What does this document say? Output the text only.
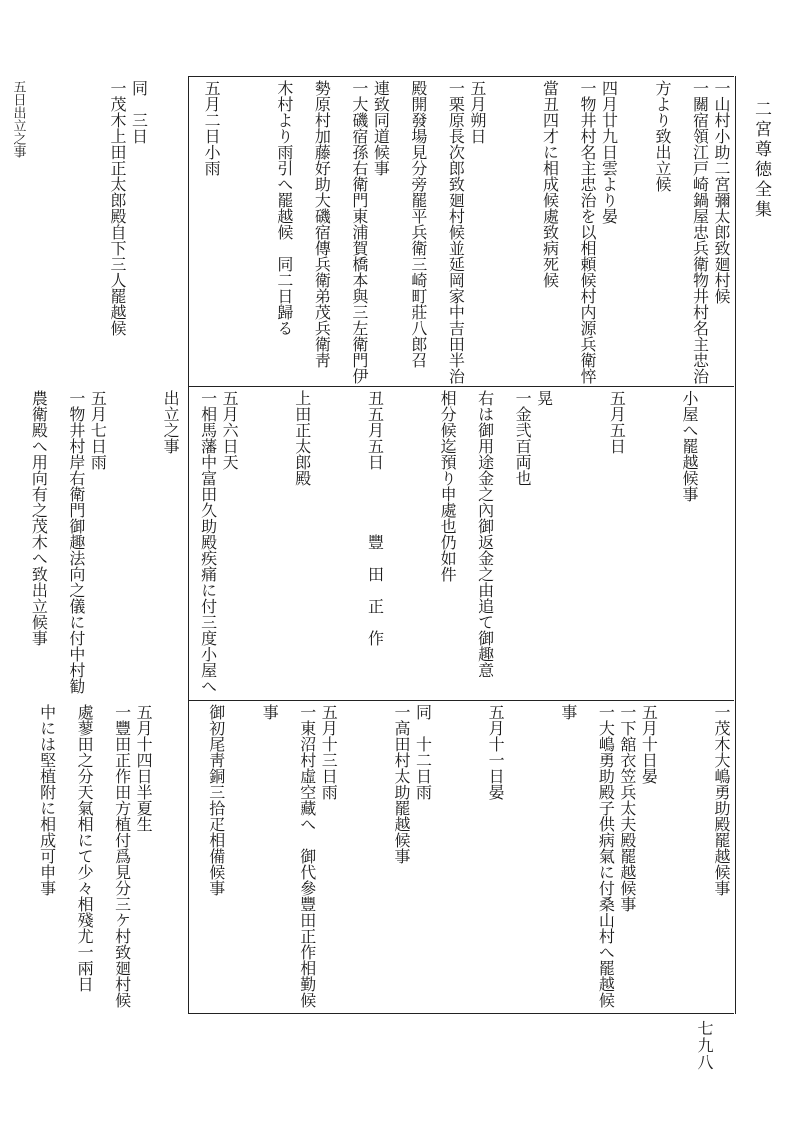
二宮尊徳全集
七九八
一山村小助二宮彌太郎致廻村候
一關宿領江戸崎鍋屋忠兵衛物井村名主忠治
方より致出立候
四月廿九日雲より晏
一物井村名主忠治を以相頼候村内源兵衛悴
當丑四才に相成候處致病死候
五月朔日
一栗原長次郎致廻村候並延岡家中吉田半治
殿開發場見分旁罷平兵衛三崎町莊八郎召
連致同道候事
一大磯宿孫右衛門東浦賀橋本與三左衛門伊
勢原村加藤好助大磯宿傳兵衛弟茂兵衛靑
木村より雨引へ罷越候　同二日歸る
五月二日小雨
同　三日
一茂木上田正太郎殿自下三人罷越候
五日出立之事
小屋へ罷越候事
五月五日
晃
一金弐百両也
右は御用途金之內御返金之由追て御趣意
相分候迄預り申處也仍如件
丑五月五日　　　　豐　田　正　作
上田正太郎殿
五月六日天
一相馬藩中富田久助殿疾痛に付三度小屋へ
出立之事
五月七日雨
一物井村岸右衛門御趣法向之儀に付中村勧
農衛殿へ用向有之茂木へ致出立候事
一茂木大嶋勇助殿罷越候事
五月十日晏
一下舘衣笠兵太夫殿罷越候事
一大嶋勇助殿子供病氣に付桑山村へ罷越候
事
五月十一日晏
同　十二日雨
一高田村太助罷越候事
五月十三日雨
一東沼村虛空藏へ　御代參豐田正作相勤候
事
御初尾靑銅三拾疋相備候事
五月十四日半夏生
一豐田正作田方植付爲見分三ケ村致廻村候
處蓼田之分天氣相にて少々相殘尤一兩日
中には堅植附に相成可申事
